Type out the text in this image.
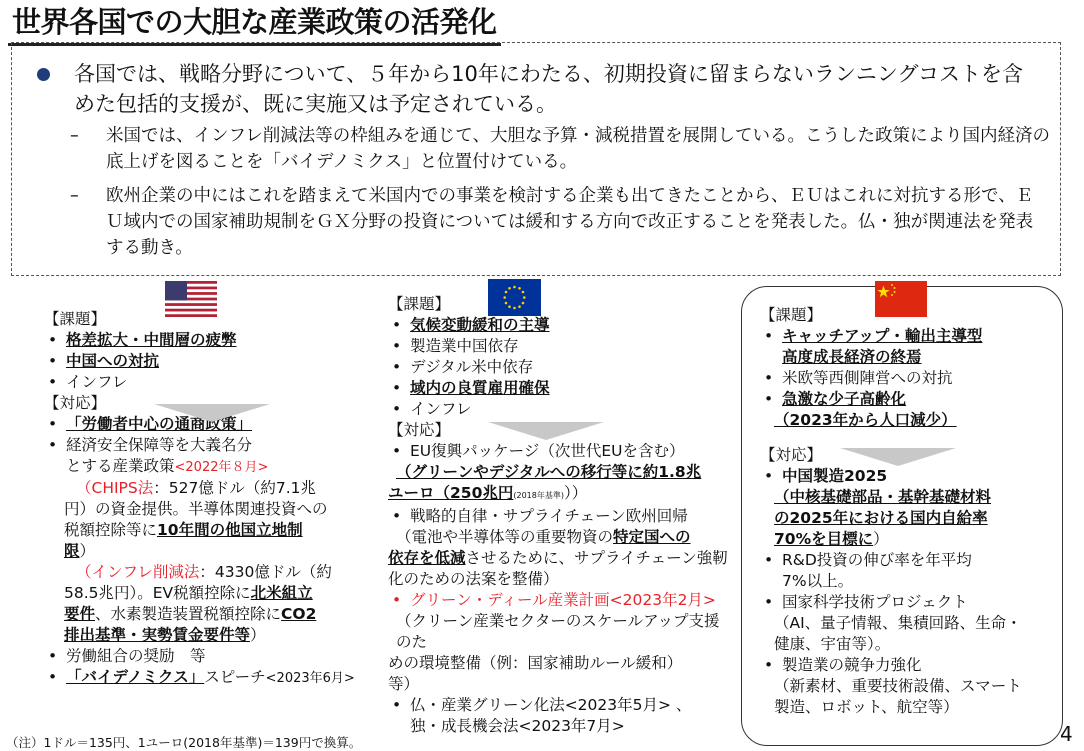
世界各国での大胆な産業政策の活発化
各国では、戦略分野について、５年から10年にわたる、初期投資に留まらないランニングコストを含めた包括的支援が、既に実施又は予定されている。
– 米国では、インフレ削減法等の枠組みを通じて、大胆な予算・減税措置を展開している。こうした政策により国内経済の底上げを図ることを「バイデノミクス」と位置付けている。
– 欧州企業の中にはこれを踏まえて米国内での事業を検討する企業も出てきたことから、ＥＵはこれに対抗する形で、ＥＵ域内での国家補助規制をＧＸ分野の投資については緩和する方向で改正することを発表した。仏・独が関連法を発表する動き。
【課題】
• 格差拡大・中間層の疲弊
• 中国への対抗
• インフレ
【対応】
• 「労働者中心の通商政策」
• 経済安全保障等を大義名分
とする産業政策<2022年８月>
（CHIPS法：527億ドル（約7.1兆
円）の資金提供。半導体関連投資への
税額控除等に10年間の他国立地制
限）
（インフレ削減法：4330億ドル（約
58.5兆円）。EV税額控除に北米組立
要件、水素製造装置税額控除にCO2
排出基準・実勢賃金要件等）
• 労働組合の奨励　等
• 「バイデノミクス」スピーチ<2023年6月>
【課題】
• 気候変動緩和の主導
• 製造業中国依存
• デジタル米中依存
• 域内の良質雇用確保
• インフレ
【対応】
• EU復興パッケージ（次世代EUを含む）
（グリーンやデジタルへの移行等に約1.8兆
ユーロ（250兆円(2018年基準)））
• 戦略的自律・サプライチェーン欧州回帰
（電池や半導体等の重要物資の特定国への
依存を低減させるために、サプライチェーン強靭
化のための法案を整備）
• グリーン・ディール産業計画<2023年2月>
（クリーン産業セクターのスケールアップ支援のた
めの環境整備（例：国家補助ルール緩和）
等）
• 仏・産業グリーン化法<2023年5月> 、
独・成長機会法<2023年7月>
【課題】
• キャッチアップ・輸出主導型
高度成長経済の終焉
• 米欧等西側陣営への対抗
• 急激な少子高齢化
（2023年から人口減少）
【対応】
• 中国製造2025
（中核基礎部品・基幹基礎材料
の2025年における国内自給率
70%を目標に）
• R&D投資の伸び率を年平均
7%以上。
• 国家科学技術プロジェクト
（AI、量子情報、集積回路、生命・
健康、宇宙等）。
• 製造業の競争力強化
（新素材、重要技術設備、スマート
製造、ロボット、航空等）
（注）1ドル＝135円、1ユーロ(2018年基準)＝139円で換算。	4
